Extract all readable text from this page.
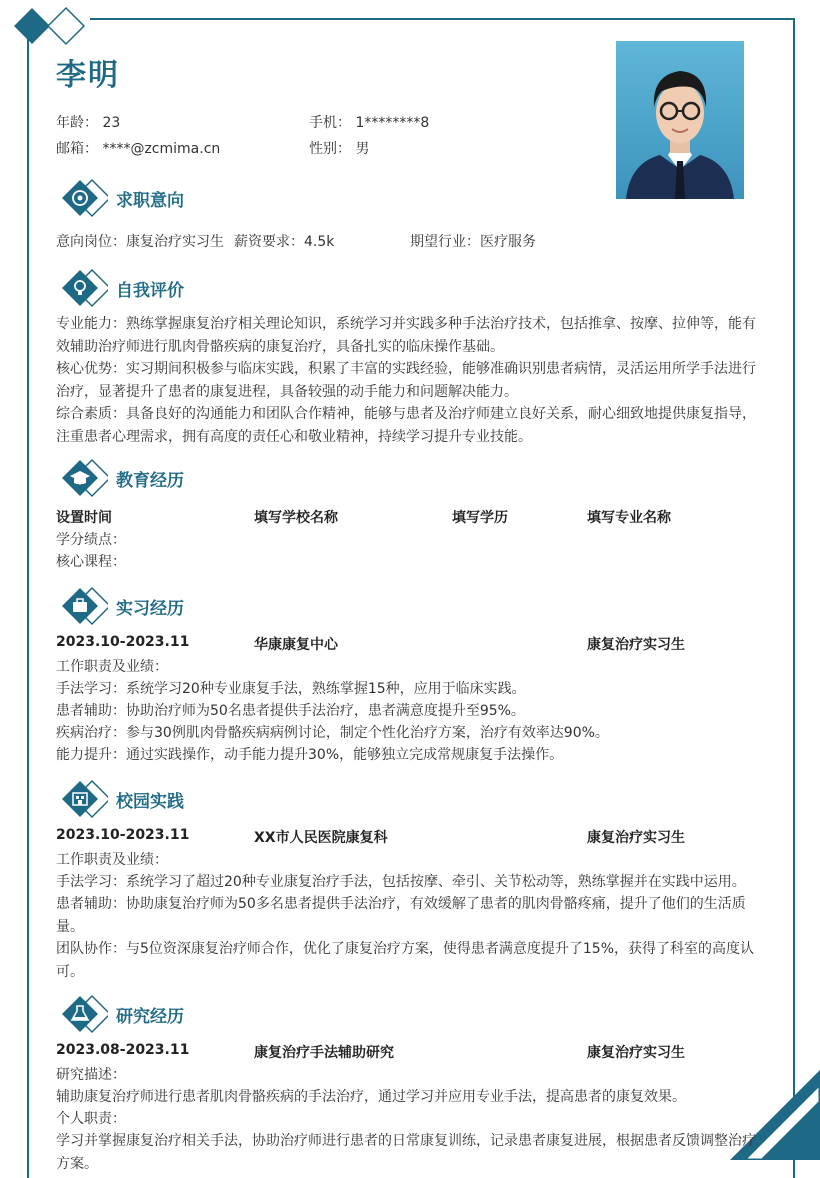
李明
年龄： 23	手机： 1********8
邮箱： ****@zcmima.cn	性别： 男
求职意向
意向岗位：康复治疗实习生 薪资要求：4.5k	期望行业：医疗服务
自我评价
专业能力：熟练掌握康复治疗相关理论知识，系统学习并实践多种手法治疗技术，包括推拿、按摩、拉伸等，能有效辅助治疗师进行肌肉骨骼疾病的康复治疗，具备扎实的临床操作基础。
核心优势：实习期间积极参与临床实践，积累了丰富的实践经验，能够准确识别患者病情，灵活运用所学手法进行治疗，显著提升了患者的康复进程，具备较强的动手能力和问题解决能力。
综合素质：具备良好的沟通能力和团队合作精神，能够与患者及治疗师建立良好关系，耐心细致地提供康复指导，注重患者心理需求，拥有高度的责任心和敬业精神，持续学习提升专业技能。
教育经历
设置时间	填写学校名称	填写学历	填写专业名称
学分绩点：
核心课程：
实习经历
2023.10-2023.11	华康康复中心	康复治疗实习生
工作职责及业绩：
手法学习：系统学习20种专业康复手法，熟练掌握15种，应用于临床实践。
患者辅助：协助治疗师为50名患者提供手法治疗，患者满意度提升至95%。
疾病治疗：参与30例肌肉骨骼疾病病例讨论，制定个性化治疗方案，治疗有效率达90%。
能力提升：通过实践操作，动手能力提升30%，能够独立完成常规康复手法操作。
校园实践
2023.10-2023.11	XX市人民医院康复科	康复治疗实习生
工作职责及业绩：
手法学习：系统学习了超过20种专业康复治疗手法，包括按摩、牵引、关节松动等，熟练掌握并在实践中运用。
患者辅助：协助康复治疗师为50多名患者提供手法治疗，有效缓解了患者的肌肉骨骼疼痛，提升了他们的生活质量。
团队协作：与5位资深康复治疗师合作，优化了康复治疗方案，使得患者满意度提升了15%，获得了科室的高度认可。
研究经历
2023.08-2023.11	康复治疗手法辅助研究	康复治疗实习生
研究描述：
辅助康复治疗师进行患者肌肉骨骼疾病的手法治疗，通过学习并应用专业手法，提高患者的康复效果。
个人职责：
学习并掌握康复治疗相关手法，协助治疗师进行患者的日常康复训练，记录患者康复进展，根据患者反馈调整治疗方案。
